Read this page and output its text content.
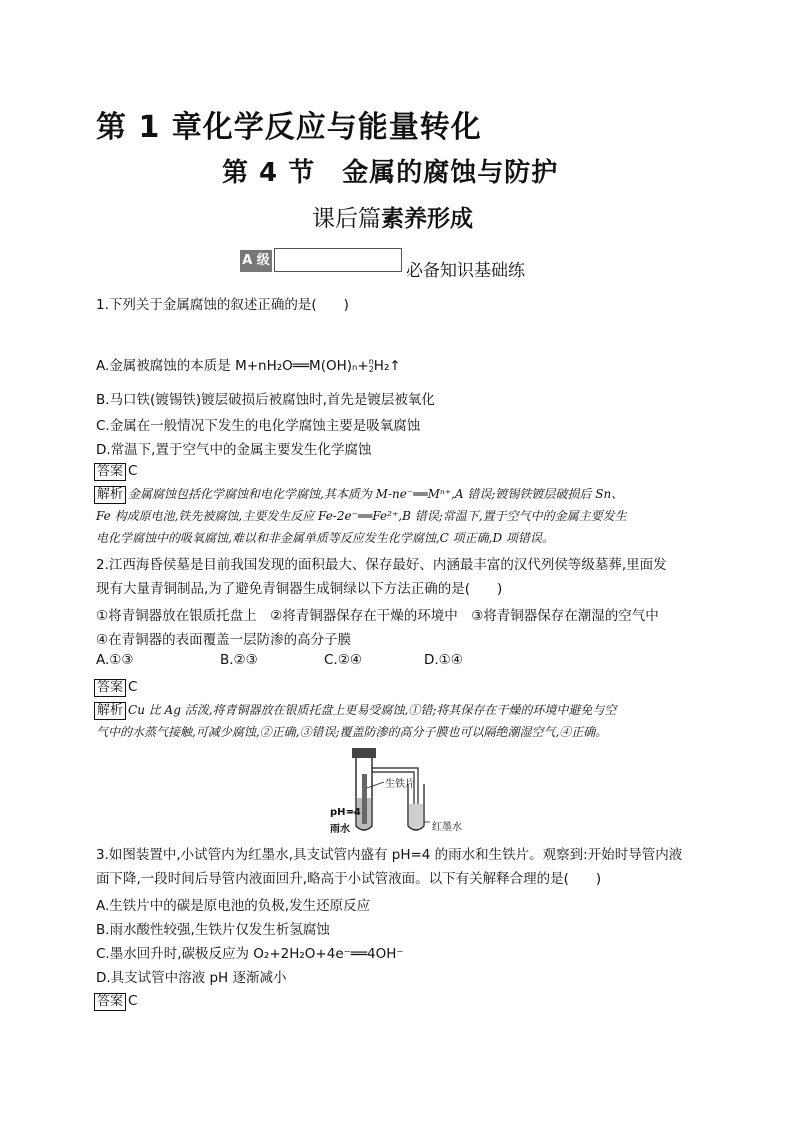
第 1 章化学反应与能量转化
第 4 节　金属的腐蚀与防护
课后篇素养形成
A 级
必备知识基础练
1.下列关于金属腐蚀的叙述正确的是(　　)
A.金属被腐蚀的本质是 M+nH₂O══M(OH)ₙ+n
2H₂↑
B.马口铁(镀锡铁)镀层破损后被腐蚀时,首先是镀层被氧化
C.金属在一般情况下发生的电化学腐蚀主要是吸氧腐蚀
D.常温下,置于空气中的金属主要发生化学腐蚀
答案 C
解析 金属腐蚀包括化学腐蚀和电化学腐蚀,其本质为 M-ne⁻══Mⁿ⁺,A 错误;镀锡铁镀层破损后 Sn、
Fe 构成原电池,铁先被腐蚀,主要发生反应 Fe-2e⁻══Fe²⁺,B 错误;常温下,置于空气中的金属主要发生
电化学腐蚀中的吸氧腐蚀,难以和非金属单质等反应发生化学腐蚀,C 项正确,D 项错误。
2.江西海昏侯墓是目前我国发现的面积最大、保存最好、内涵最丰富的汉代列侯等级墓葬,里面发
现有大量青铜制品,为了避免青铜器生成铜绿以下方法正确的是(　　)
①将青铜器放在银质托盘上　②将青铜器保存在干燥的环境中　③将青铜器保存在潮湿的空气中
④在青铜器的表面覆盖一层防渗的高分子膜
A.①③	B.②③	C.②④	D.①④
答案 C
解析 Cu 比 Ag 活泼,将青铜器放在银质托盘上更易受腐蚀,①错;将其保存在干燥的环境中避免与空
气中的水蒸气接触,可减少腐蚀,②正确,③错误;覆盖防渗的高分子膜也可以隔绝潮湿空气,④正确。
生铁片
pH=4
雨水	红墨水
3.如图装置中,小试管内为红墨水,具支试管内盛有 pH=4 的雨水和生铁片。观察到:开始时导管内液
面下降,一段时间后导管内液面回升,略高于小试管液面。以下有关解释合理的是(　　)
A.生铁片中的碳是原电池的负极,发生还原反应
B.雨水酸性较强,生铁片仅发生析氢腐蚀
C.墨水回升时,碳极反应为 O₂+2H₂O+4e⁻══4OH⁻
D.具支试管中溶液 pH 逐渐减小
答案 C
